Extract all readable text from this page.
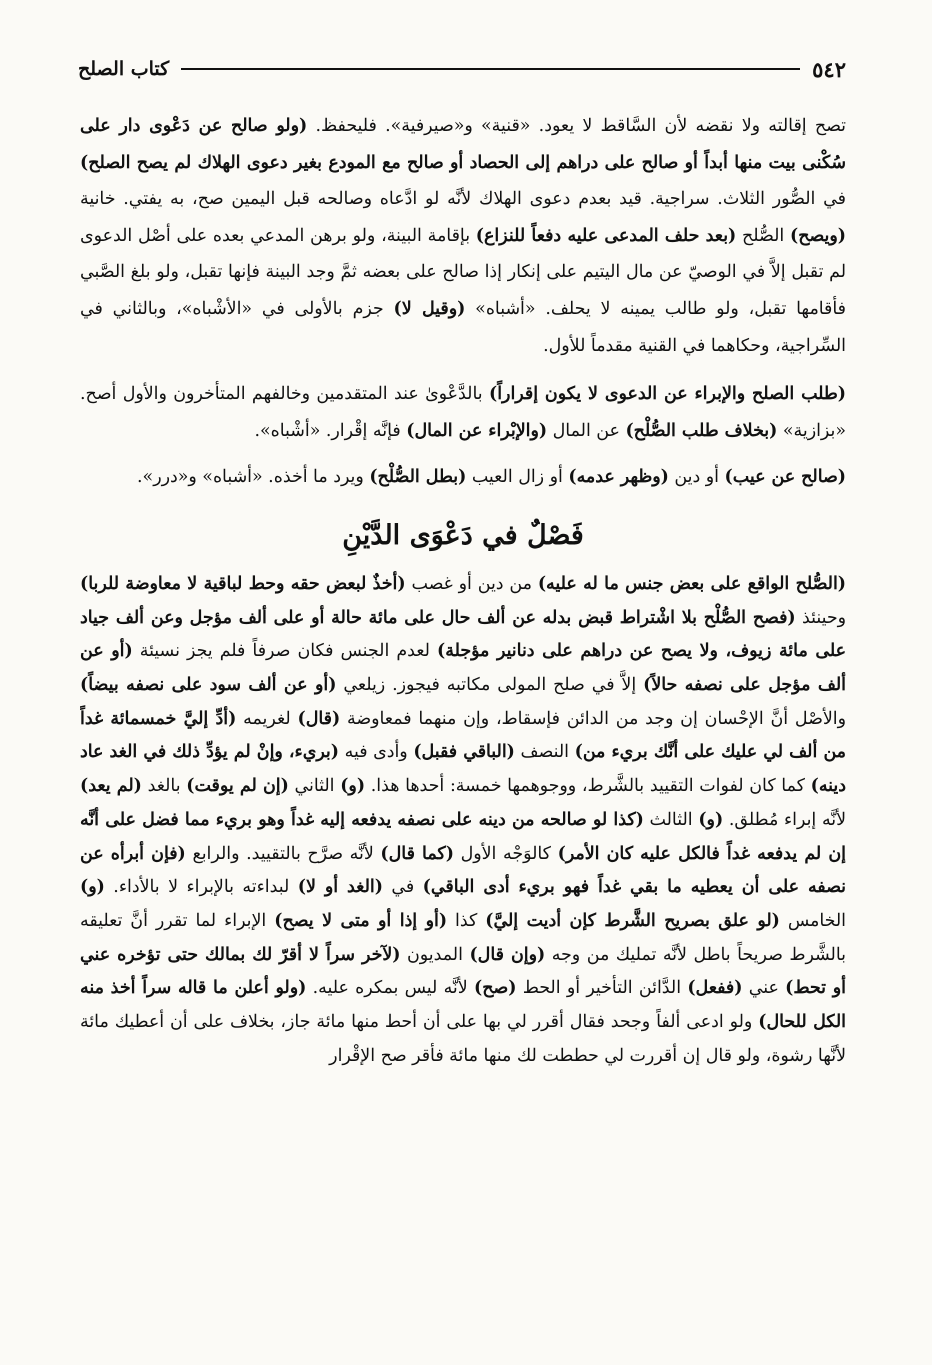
٥٤٢
كتاب الصلح

تصح إقالته ولا نقضه لأن السَّاقط لا يعود. «قنية» و«صيرفية». فليحفظ. (ولو صالح عن دَعْوى دار على سُكْنى بيت منها أبداً أو صالح على دراهم إلى الحصاد أو صالح مع المودع بغير دعوى الهلاك لم يصح الصلح) في الصُّور الثلاث. سراجية. قيد بعدم دعوى الهلاك لأنَّه لو ادَّعاه وصالحه قبل اليمين صح، به يفتي. خانية (ويصح) الصُّلح (بعد حلف المدعى عليه دفعاً للنزاع) بإقامة البينة، ولو برهن المدعي بعده على أصْل الدعوى لم تقبل إلاَّ في الوصيّ عن مال اليتيم على إنكار إذا صالح على بعضه ثمَّ وجد البينة فإنها تقبل، ولو بلغ الصَّبي فأقامها تقبل، ولو طالب يمينه لا يحلف. «أشباه» (وقيل لا) جزم بالأولى في «الأشْباه»، وبالثاني في السِّراجية، وحكاهما في القنية مقدماً للأول.

(طلب الصلح والإبراء عن الدعوى لا يكون إقراراً) بالدَّعْوىٰ عند المتقدمين وخالفهم المتأخرون والأول أصح. «بزازية» (بخلاف طلب الصُّلْح) عن المال (والإبْراء عن المال) فإنَّه إقْرار. «أشْباه».

(صالح عن عيب) أو دين (وظهر عدمه) أو زال العيب (بطل الصُّلْح) ويرد ما أخذه. «أشباه» و«درر».

فَصْلٌ في دَعْوَى الدَّيْنِ

(الصُّلح الواقع على بعض جنس ما له عليه) من دين أو غصب (أخذٌ لبعض حقه وحط لباقية لا معاوضة للربا) وحينئذ (فصح الصُّلْح بلا اشْتراط قبض بدله عن ألف حال على مائة حالة أو على ألف مؤجل وعن ألف جياد على مائة زيوف، ولا يصح عن دراهم على دنانير مؤجلة) لعدم الجنس فكان صرفاً فلم يجز نسيئة (أو عن ألف مؤجل على نصفه حالاً) إلاَّ في صلح المولى مكاتبه فيجوز. زيلعي (أو عن ألف سود على نصفه بيضاً) والأصْل أنَّ الإحْسان إن وجد من الدائن فإسقاط، وإن منهما فمعاوضة (قال) لغريمه (أدِّ إليَّ خمسمائة غداً من ألف لي عليك على أنَّك بريء من) النصف (الباقي فقبل) وأدى فيه (بريء، وإنْ لم يؤدِّ ذلك في الغد عاد دينه) كما كان لفوات التقييد بالشَّرط، ووجوهمها خمسة: أحدها هذا. (و) الثاني (إن لم يوقت) بالغد (لم يعد) لأنَّه إبراء مُطلق. (و) الثالث (كذا لو صالحه من دينه على نصفه يدفعه إليه غداً وهو بريء مما فضل على أنَّه إن لم يدفعه غداً فالكل عليه كان الأمر) كالوَجْه الأول (كما قال) لأنَّه صرَّح بالتقييد. والرابع (فإن أبرأه عن نصفه على أن يعطيه ما بقي غداً فهو بريء أدى الباقي) في (الغد أو لا) لبداءته بالإبراء لا بالأداء. (و) الخامس (لو علق بصريح الشَّرط كإن أديت إليَّ) كذا (أو إذا أو متى لا يصح) الإبراء لما تقرر أنَّ تعليقه بالشَّرط صريحاً باطل لأنَّه تمليك من وجه (وإن قال) المديون (لآخر سراً لا أقرّ لك بمالك حتى تؤخره عني أو تحط) عني (ففعل) الدَّائن التأخير أو الحط (صح) لأنَّه ليس بمكره عليه. (ولو أعلن ما قاله سراً أخذ منه الكل للحال) ولو ادعى ألفاً وجحد فقال أقرر لي بها على أن أحط منها مائة جاز، بخلاف على أن أعطيك مائة لأنَّها رشوة، ولو قال إن أقررت لي حططت لك منها مائة فأقر صح الإقْرار
